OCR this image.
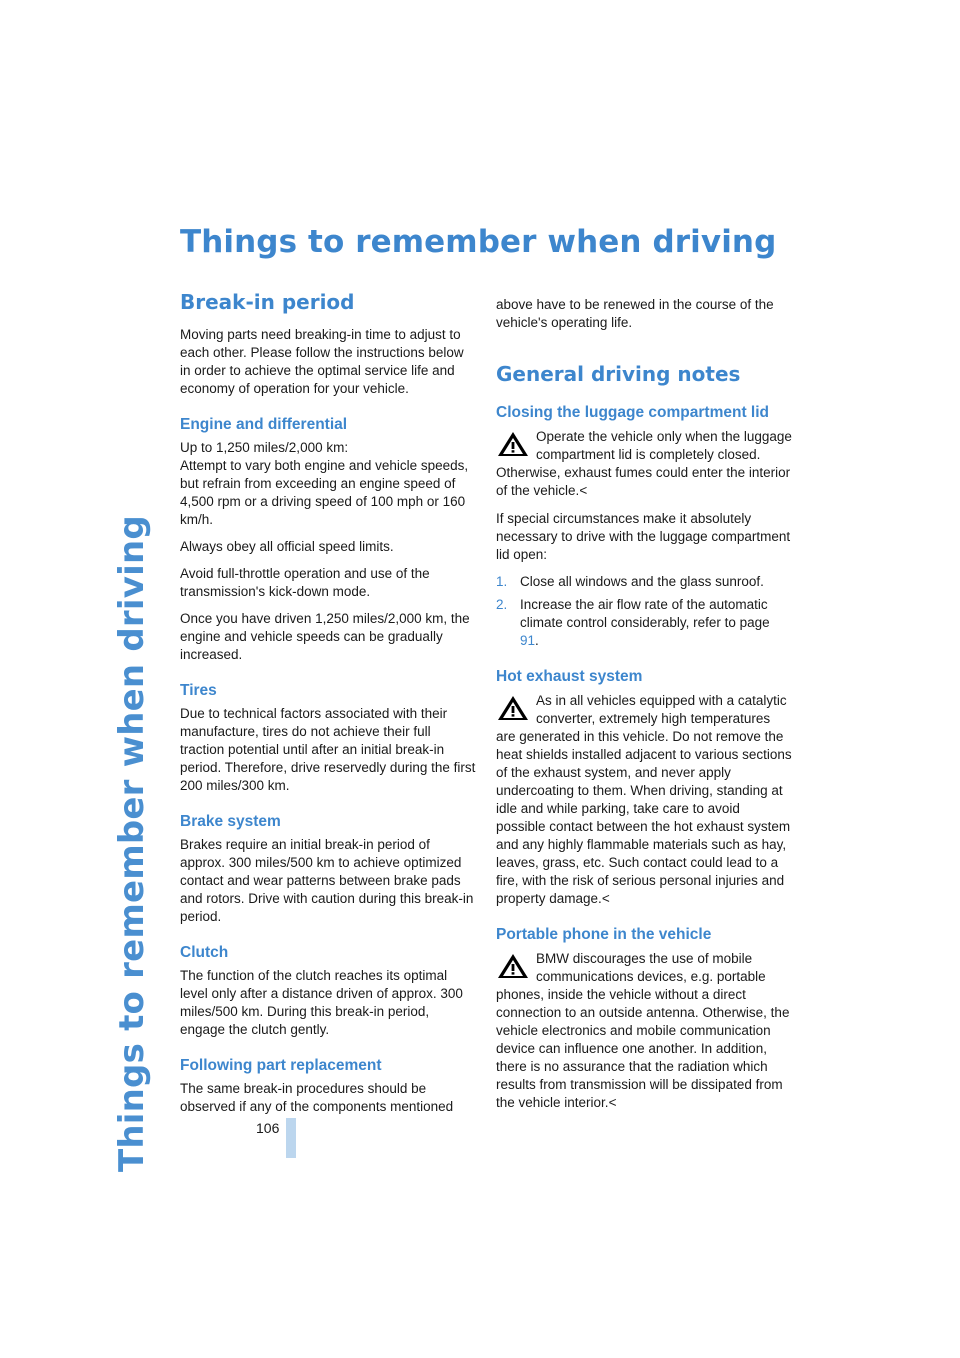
Things to remember when driving
Things to remember when driving
Break-in period

Moving parts need breaking-in time to adjust to each other. Please follow the instructions below in order to achieve the optimal service life and economy of operation for your vehicle.

Engine and differential

Up to 1,250 miles/2,000 km:

Attempt to vary both engine and vehicle speeds, but refrain from exceeding an engine speed of 4,500 rpm or a driving speed of 100 mph or 160 km/h.

Always obey all official speed limits.

Avoid full-throttle operation and use of the transmission's kick-down mode.

Once you have driven 1,250 miles/2,000 km, the engine and vehicle speeds can be gradually increased.

Tires

Due to technical factors associated with their manufacture, tires do not achieve their full traction potential until after an initial break-in period. Therefore, drive reservedly during the first 200 miles/300 km.

Brake system

Brakes require an initial break-in period of approx. 300 miles/500 km to achieve optimized contact and wear patterns between brake pads and rotors. Drive with caution during this break-in period.

Clutch

The function of the clutch reaches its optimal level only after a distance driven of approx. 300 miles/500 km. During this break-in period, engage the clutch gently.

Following part replacement

The same break-in procedures should be observed if any of the components mentioned

above have to be renewed in the course of the vehicle's operating life.

General driving notes
Closing the luggage compartment lid

Operate the vehicle only when the luggage compartment lid is completely closed. Otherwise, exhaust fumes could enter the interior of the vehicle.<

If special circumstances make it absolutely necessary to drive with the luggage compartment lid open:

1. Close all windows and the glass sunroof.
2. Increase the air flow rate of the automatic climate control considerably, refer to page 91.
Hot exhaust system

As in all vehicles equipped with a catalytic converter, extremely high temperatures are generated in this vehicle. Do not remove the heat shields installed adjacent to various sections of the exhaust system, and never apply undercoating to them. When driving, standing at idle and while parking, take care to avoid possible contact between the hot exhaust system and any highly flammable materials such as hay, leaves, grass, etc. Such contact could lead to a fire, with the risk of serious personal injuries and property damage.<

Portable phone in the vehicle

BMW discourages the use of mobile communications devices, e.g. portable phones, inside the vehicle without a direct connection to an outside antenna. Otherwise, the vehicle electronics and mobile communication device can influence one another. In addition, there is no assurance that the radiation which results from transmission will be dissipated from the vehicle interior.<

106
